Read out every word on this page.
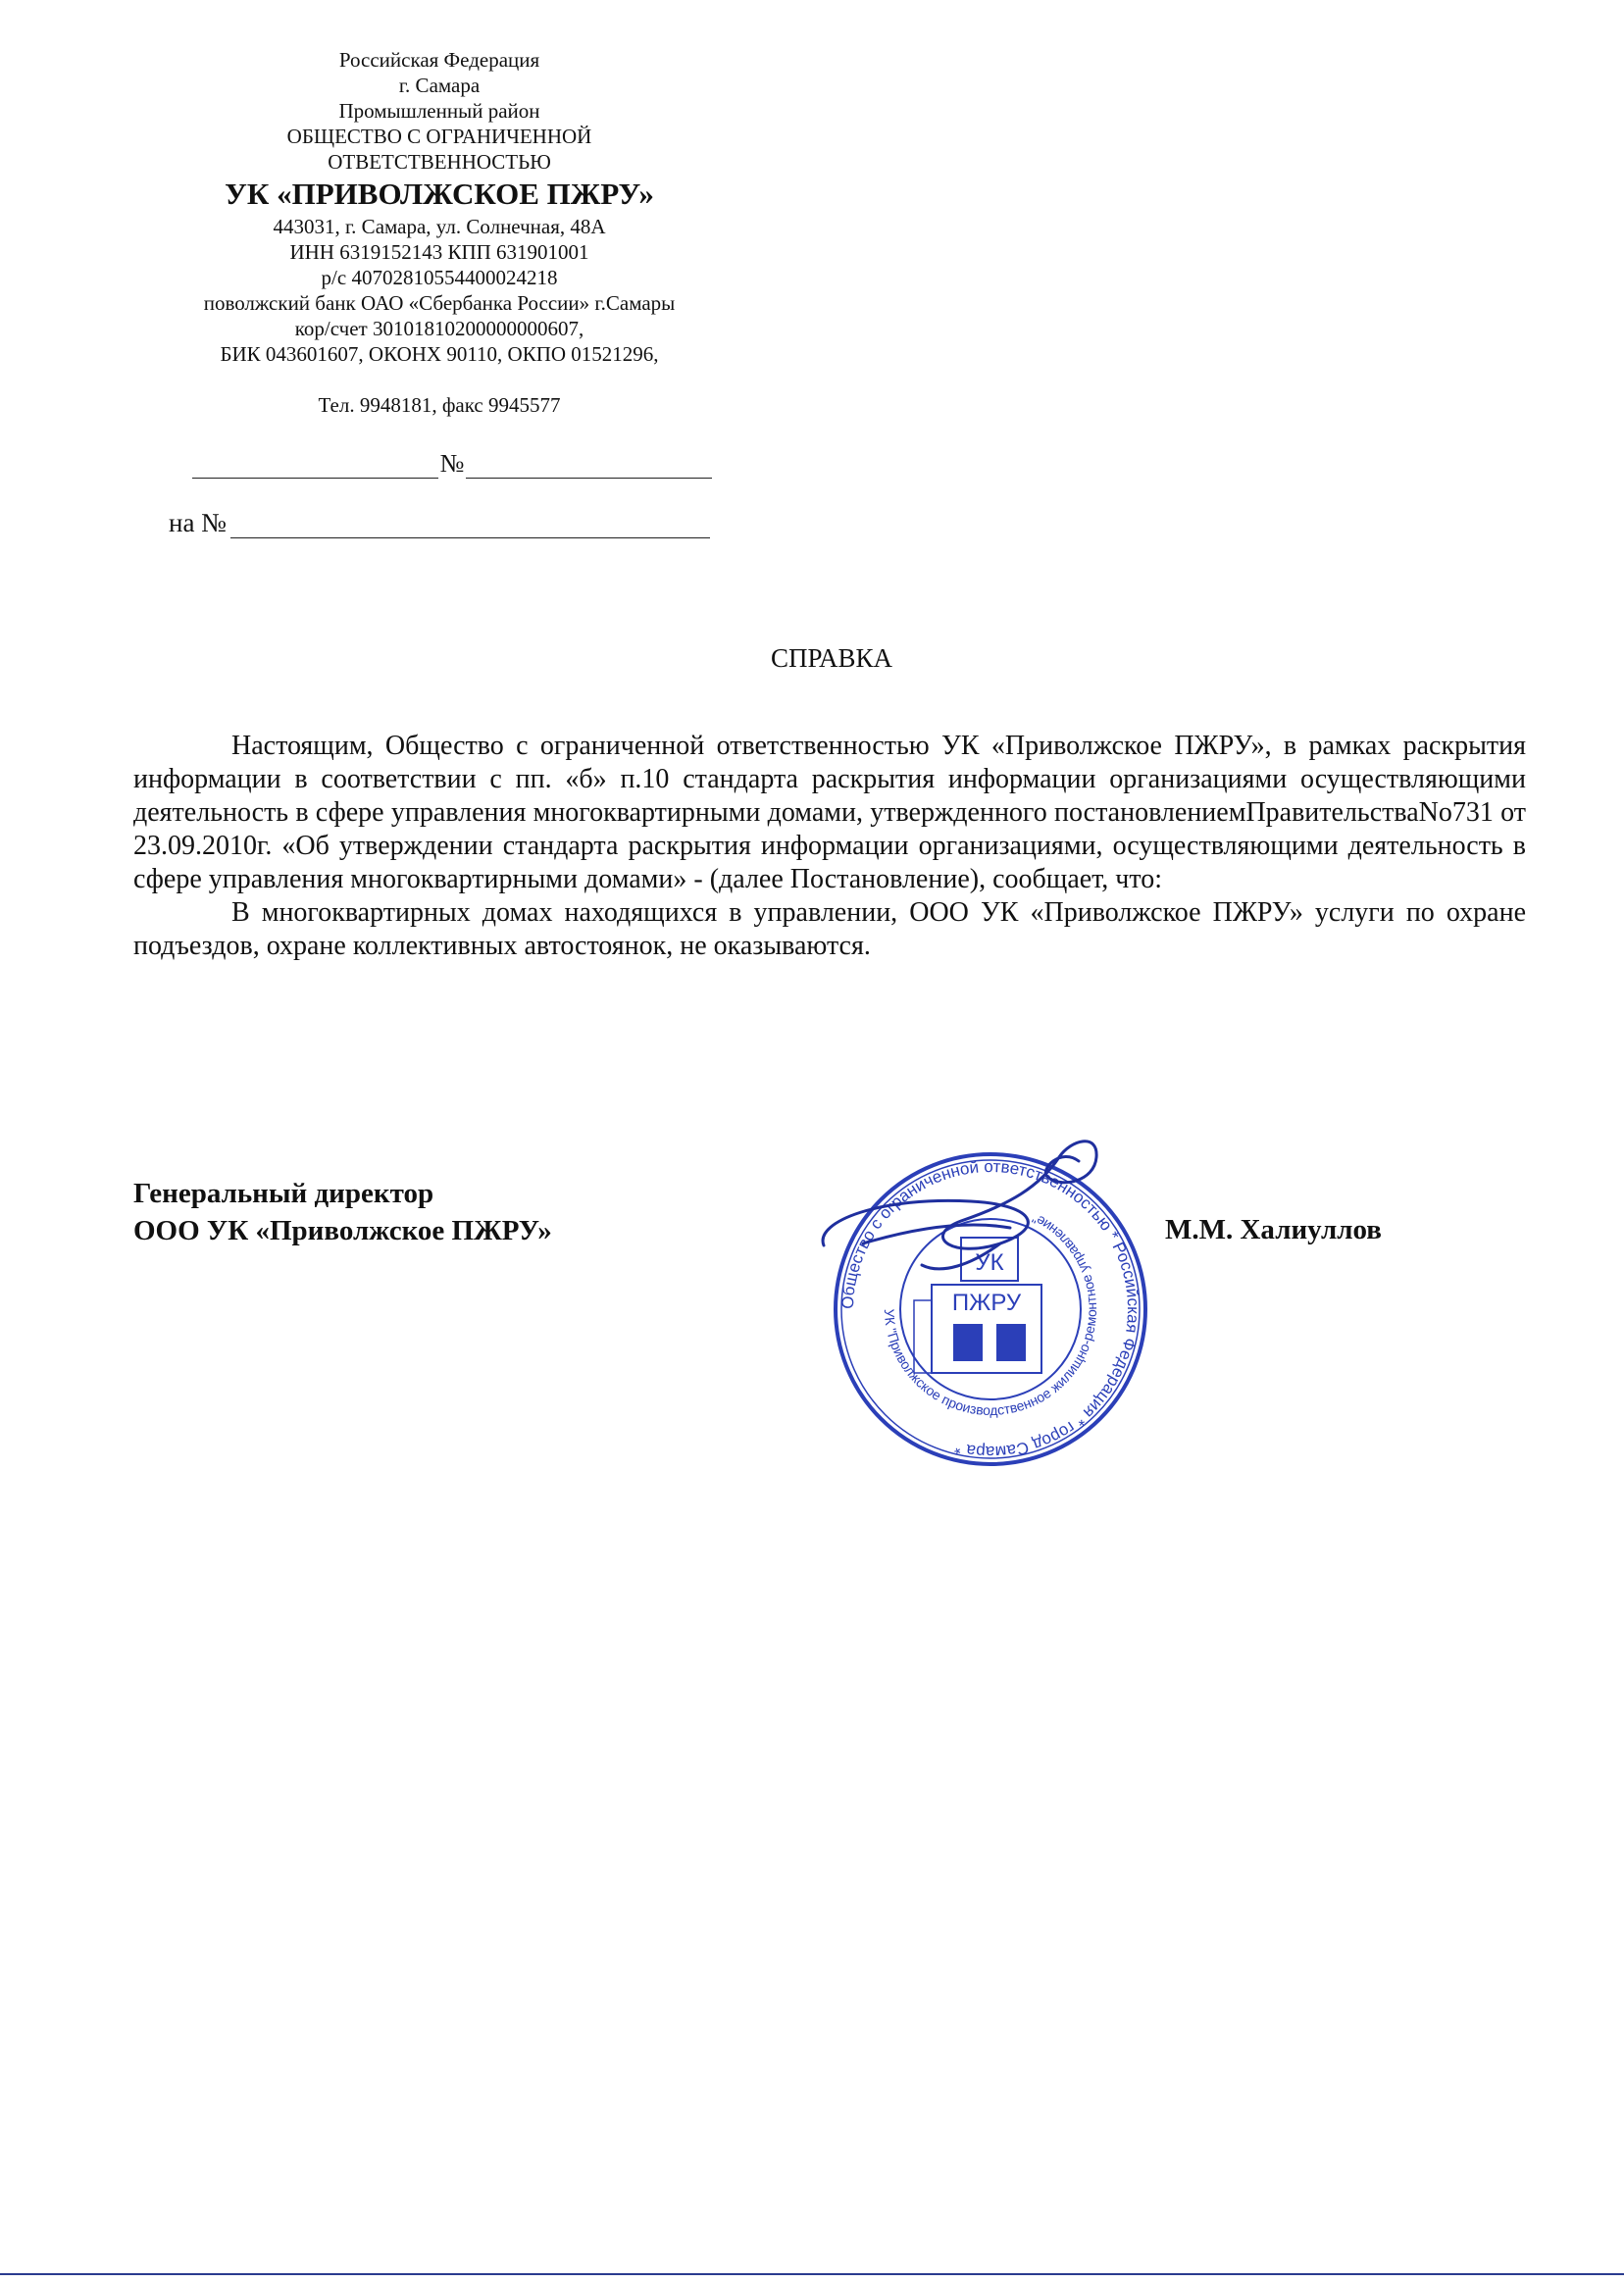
Российская Федерация
г. Самара
Промышленный район
ОБЩЕСТВО С ОГРАНИЧЕННОЙ
ОТВЕТСТВЕННОСТЬЮ
УК «ПРИВОЛЖСКОЕ ПЖРУ»
443031, г. Самара, ул. Солнечная, 48А
ИНН 6319152143 КПП 631901001
р/с 40702810554400024218
поволжский банк ОАО «Сбербанка России» г.Самары
кор/счет 30101810200000000607,
БИК 043601607, ОКОНХ 90110, ОКПО 01521296,
Тел. 9948181, факс 9945577
№
на №
СПРАВКА

Настоящим, Общество с ограниченной ответственностью УК «Приволжское ПЖРУ», в рамках раскрытия информации в соответствии с пп. «б» п.10 стандарта раскрытия информации организациями осуществляющими деятельность в сфере управления многоквартирными домами, утвержденного постановлениемПравительстваNo731 от 23.09.2010г. «Об утверждении стандарта раскрытия информации организациями, осуществляющими деятельность в сфере управления многоквартирными домами» - (далее Постановление), сообщает, что:

В многоквартирных домах находящихся в управлении, ООО УК «Приволжское ПЖРУ» услуги по охране подъездов, охране коллективных автостоянок, не оказываются.

Генеральный директор
ООО УК «Приволжское ПЖРУ»	М.М. Халиуллов
Общество с ограниченной ответственностью * Российская Федерация * город Самара *
УК "Приволжское производственное жилищно-ремонтное управление"
УК
ПЖРУ
